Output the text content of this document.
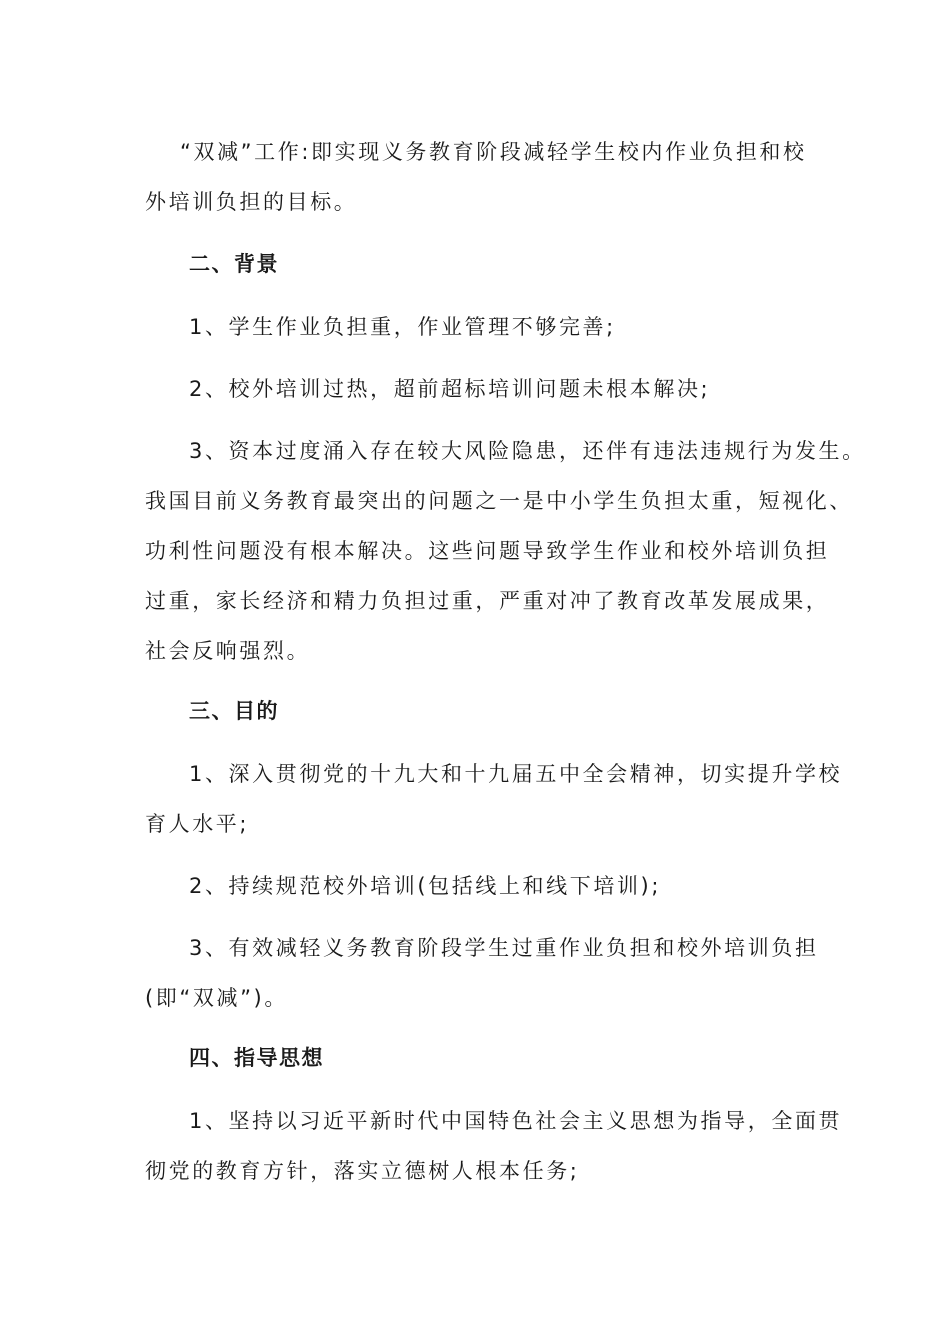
“双减”工作:即实现义务教育阶段减轻学生校内作业负担和校
外培训负担的目标。
二、背景
1、学生作业负担重，作业管理不够完善;
2、校外培训过热，超前超标培训问题未根本解决;
3、资本过度涌入存在较大风险隐患，还伴有违法违规行为发生。
我国目前义务教育最突出的问题之一是中小学生负担太重，短视化、
功利性问题没有根本解决。这些问题导致学生作业和校外培训负担
过重，家长经济和精力负担过重，严重对冲了教育改革发展成果，
社会反响强烈。
三、目的
1、深入贯彻党的十九大和十九届五中全会精神，切实提升学校
育人水平;
2、持续规范校外培训(包括线上和线下培训);
3、有效减轻义务教育阶段学生过重作业负担和校外培训负担
(即“双减”)。
四、指导思想
1、坚持以习近平新时代中国特色社会主义思想为指导，全面贯
彻党的教育方针，落实立德树人根本任务;
